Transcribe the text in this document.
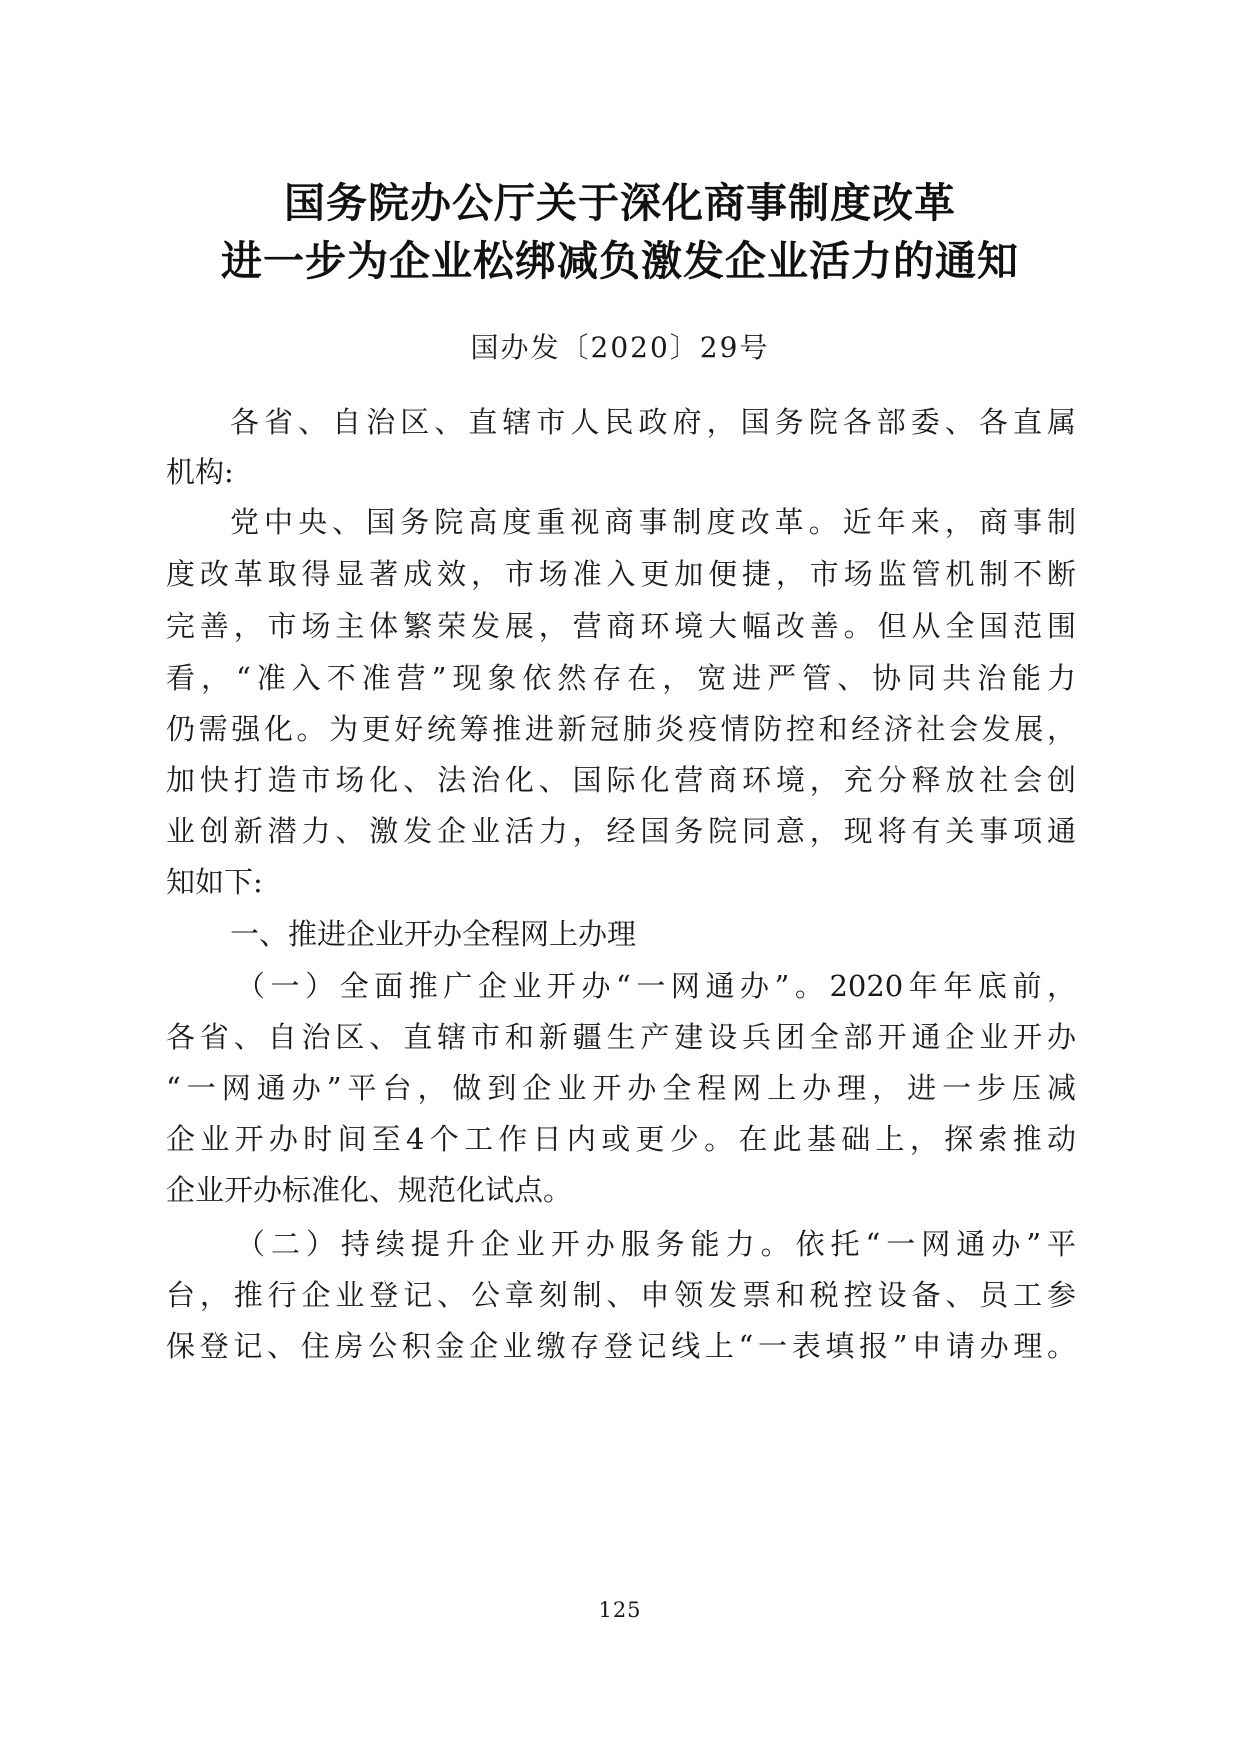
国务院办公厅关于深化商事制度改革
进一步为企业松绑减负激发企业活力的通知
国办发〔2020〕29号
各省、自治区、直辖市人民政府，国务院各部委、各直属
机构:
党中央、国务院高度重视商事制度改革。近年来，商事制
度改革取得显著成效，市场准入更加便捷，市场监管机制不断
完善，市场主体繁荣发展，营商环境大幅改善。但从全国范围
看，“准入不准营”现象依然存在，宽进严管、协同共治能力
仍需强化。为更好统筹推进新冠肺炎疫情防控和经济社会发展，
加快打造市场化、法治化、国际化营商环境，充分释放社会创
业创新潜力、激发企业活力，经国务院同意，现将有关事项通
知如下:
一、推进企业开办全程网上办理
（一）全面推广企业开办“一网通办”。2020年年底前，
各省、自治区、直辖市和新疆生产建设兵团全部开通企业开办
“一网通办”平台，做到企业开办全程网上办理，进一步压减
企业开办时间至4个工作日内或更少。在此基础上，探索推动
企业开办标准化、规范化试点。
（二）持续提升企业开办服务能力。依托“一网通办”平
台，推行企业登记、公章刻制、申领发票和税控设备、员工参
保登记、住房公积金企业缴存登记线上“一表填报”申请办理。
125
